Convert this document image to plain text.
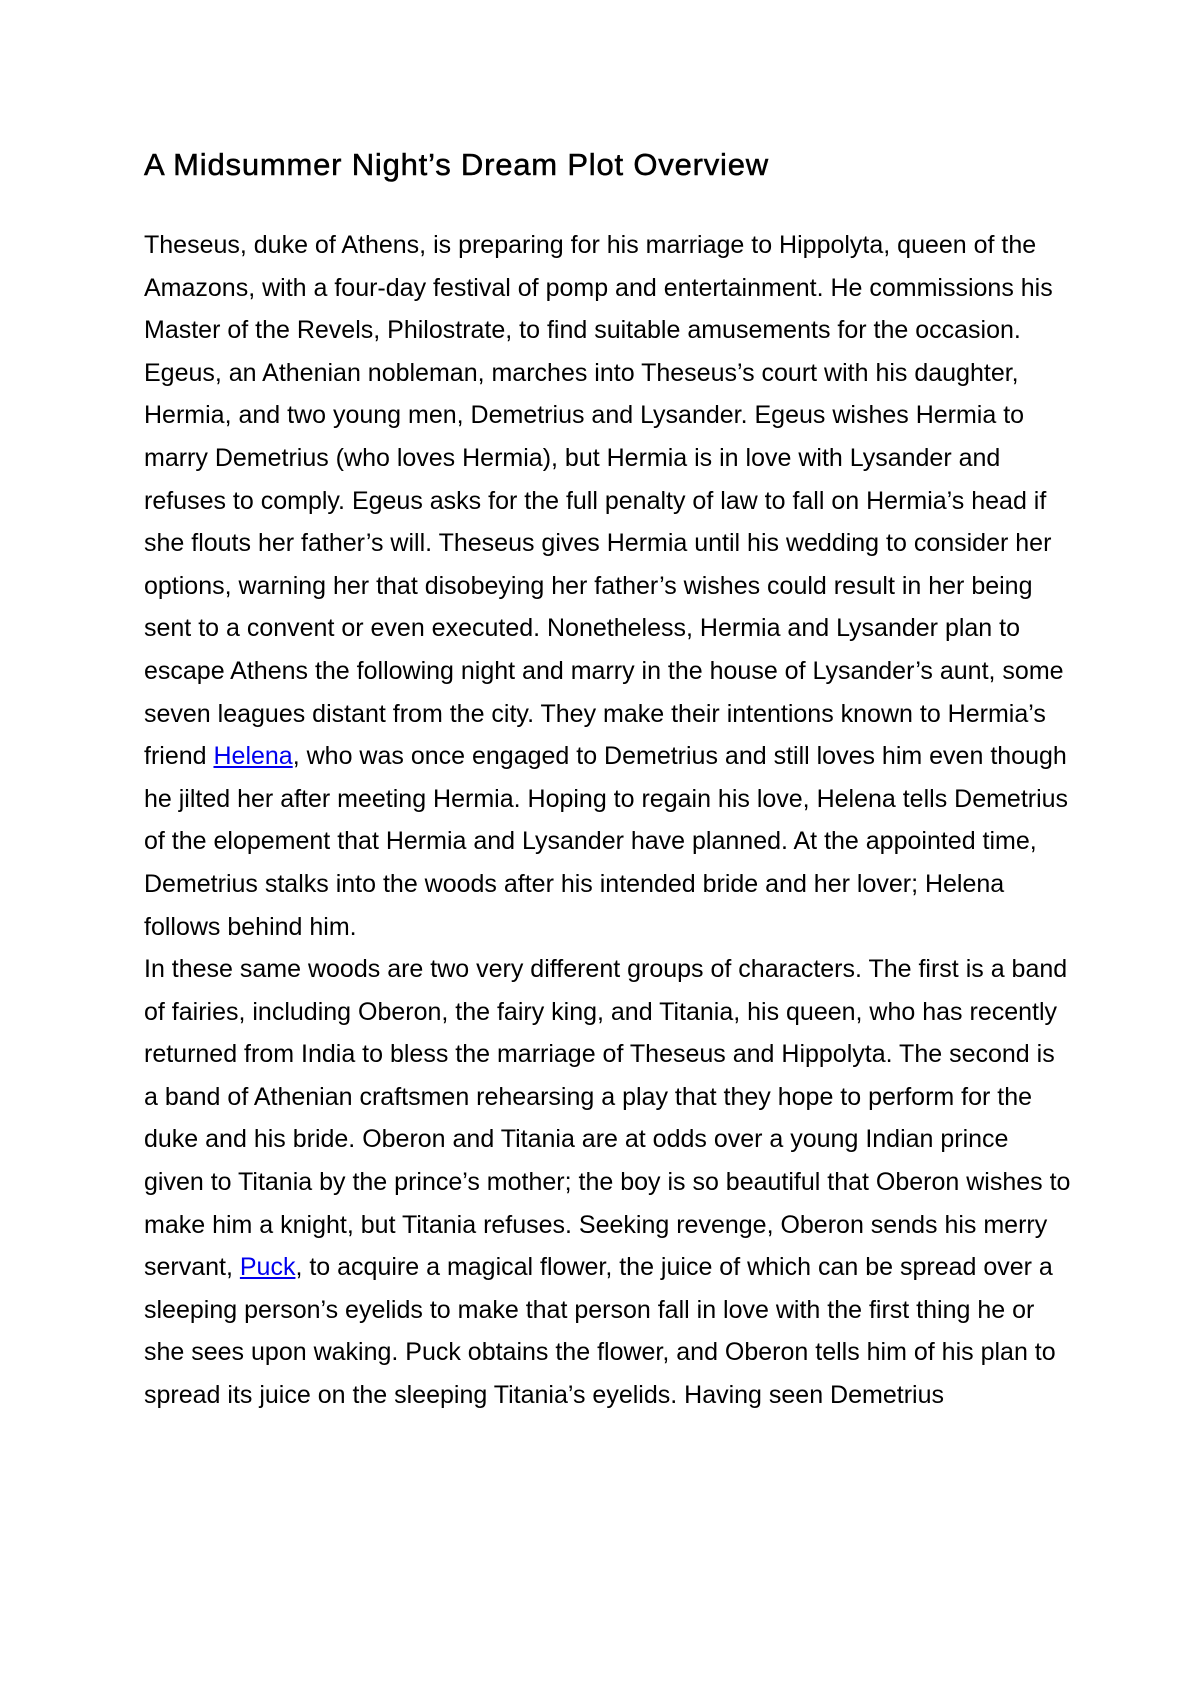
A Midsummer Night’s Dream Plot Overview

Theseus, duke of Athens, is preparing for his marriage to Hippolyta, queen of the Amazons, with a four-day festival of pomp and entertainment. He commissions his Master of the Revels, Philostrate, to find suitable amusements for the occasion. Egeus, an Athenian nobleman, marches into Theseus’s court with his daughter, Hermia, and two young men, Demetrius and Lysander. Egeus wishes Hermia to marry Demetrius (who loves Hermia), but Hermia is in love with Lysander and refuses to comply. Egeus asks for the full penalty of law to fall on Hermia’s head if she flouts her father’s will. Theseus gives Hermia until his wedding to consider her options, warning her that disobeying her father’s wishes could result in her being sent to a convent or even executed. Nonetheless, Hermia and Lysander plan to escape Athens the following night and marry in the house of Lysander’s aunt, some seven leagues distant from the city. They make their intentions known to Hermia’s friend Helena, who was once engaged to Demetrius and still loves him even though he jilted her after meeting Hermia. Hoping to regain his love, Helena tells Demetrius of the elopement that Hermia and Lysander have planned. At the appointed time, Demetrius stalks into the woods after his intended bride and her lover; Helena follows behind him.

In these same woods are two very different groups of characters. The first is a band of fairies, including Oberon, the fairy king, and Titania, his queen, who has recently returned from India to bless the marriage of Theseus and Hippolyta. The second is a band of Athenian craftsmen rehearsing a play that they hope to perform for the duke and his bride. Oberon and Titania are at odds over a young Indian prince given to Titania by the prince’s mother; the boy is so beautiful that Oberon wishes to make him a knight, but Titania refuses. Seeking revenge, Oberon sends his merry servant, Puck, to acquire a magical flower, the juice of which can be spread over a sleeping person’s eyelids to make that person fall in love with the first thing he or she sees upon waking. Puck obtains the flower, and Oberon tells him of his plan to spread its juice on the sleeping Titania’s eyelids. Having seen Demetrius
